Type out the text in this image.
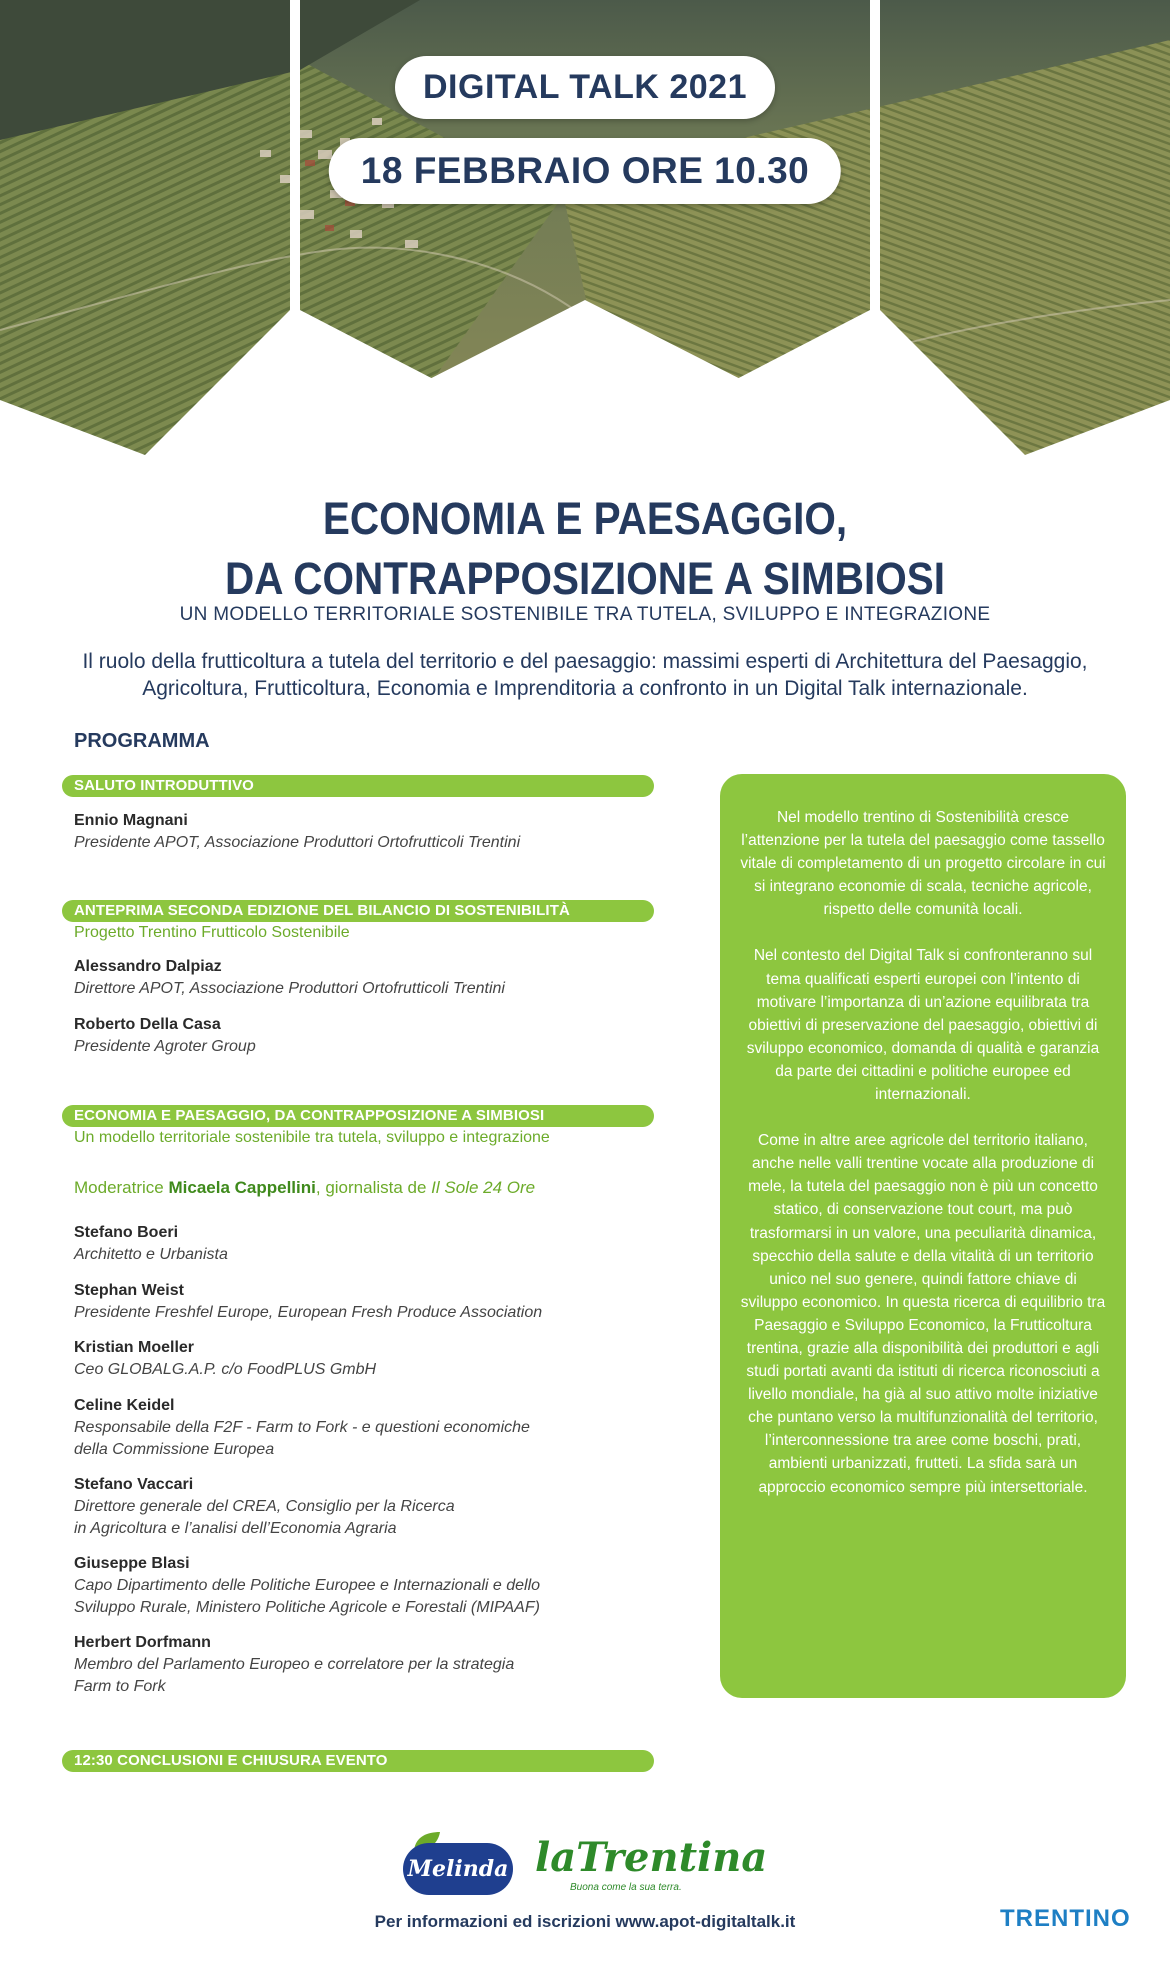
DIGITAL TALK 2021
18 FEBBRAIO ORE 10.30
ECONOMIA E PAESAGGIO,
DA CONTRAPPOSIZIONE A SIMBIOSI
UN MODELLO TERRITORIALE SOSTENIBILE TRA TUTELA, SVILUPPO E INTEGRAZIONE
Il ruolo della frutticoltura a tutela del territorio e del paesaggio: massimi esperti di Architettura del Paesaggio, Agricoltura, Frutticoltura, Economia e Imprenditoria a confronto in un Digital Talk internazionale.
PROGRAMMA
SALUTO INTRODUTTIVO
Ennio Magnani
Presidente APOT, Associazione Produttori Ortofrutticoli Trentini
ANTEPRIMA SECONDA EDIZIONE DEL BILANCIO DI SOSTENIBILITÀ
Progetto Trentino Frutticolo Sostenibile
Alessandro Dalpiaz
Direttore APOT, Associazione Produttori Ortofrutticoli Trentini
Roberto Della Casa
Presidente Agroter Group
ECONOMIA E PAESAGGIO, DA CONTRAPPOSIZIONE A SIMBIOSI
Un modello territoriale sostenibile tra tutela, sviluppo e integrazione
Moderatrice Micaela Cappellini, giornalista de Il Sole 24 Ore
Stefano Boeri
Architetto e Urbanista
Stephan Weist
Presidente Freshfel Europe, European Fresh Produce Association
Kristian Moeller
Ceo GLOBALG.A.P. c/o FoodPLUS GmbH
Celine Keidel
Responsabile della F2F - Farm to Fork - e questioni economiche
della Commissione Europea
Stefano Vaccari
Direttore generale del CREA, Consiglio per la Ricerca
in Agricoltura e l’analisi dell’Economia Agraria
Giuseppe Blasi
Capo Dipartimento delle Politiche Europee e Internazionali e dello
Sviluppo Rurale, Ministero Politiche Agricole e Forestali (MIPAAF)
Herbert Dorfmann
Membro del Parlamento Europeo e correlatore per la strategia
Farm to Fork
12:30 CONCLUSIONI E CHIUSURA EVENTO

Nel modello trentino di Sostenibilità cresce l’attenzione per la tutela del paesaggio come tassello vitale di completamento di un progetto circolare in cui si integrano economie di scala, tecniche agricole, rispetto delle comunità locali.

Nel contesto del Digital Talk si confronteranno sul tema qualificati esperti europei con l’intento di motivare l’importanza di un’azione equilibrata tra obiettivi di preservazione del paesaggio, obiettivi di sviluppo economico, domanda di qualità e garanzia da parte dei cittadini e politiche europee ed internazionali.

Come in altre aree agricole del territorio italiano, anche nelle valli trentine vocate alla produzione di mele, la tutela del paesaggio non è più un concetto statico, di conservazione tout court, ma può trasformarsi in un valore, una peculiarità dinamica, specchio della salute e della vitalità di un territorio unico nel suo genere, quindi fattore chiave di sviluppo economico. In questa ricerca di equilibrio tra Paesaggio e Sviluppo Economico, la Frutticoltura trentina, grazie alla disponibilità dei produttori e agli studi portati avanti da istituti di ricerca riconosciuti a livello mondiale, ha già al suo attivo molte iniziative che puntano verso la multifunzionalità del territorio, l’interconnessione tra aree come boschi, prati, ambienti urbanizzati, frutteti. La sfida sarà un approccio economico sempre più intersettoriale.

Melinda laTrentina
Buona come la sua terra.
TRENTINO
Per informazioni ed iscrizioni www.apot-digitaltalk.it
